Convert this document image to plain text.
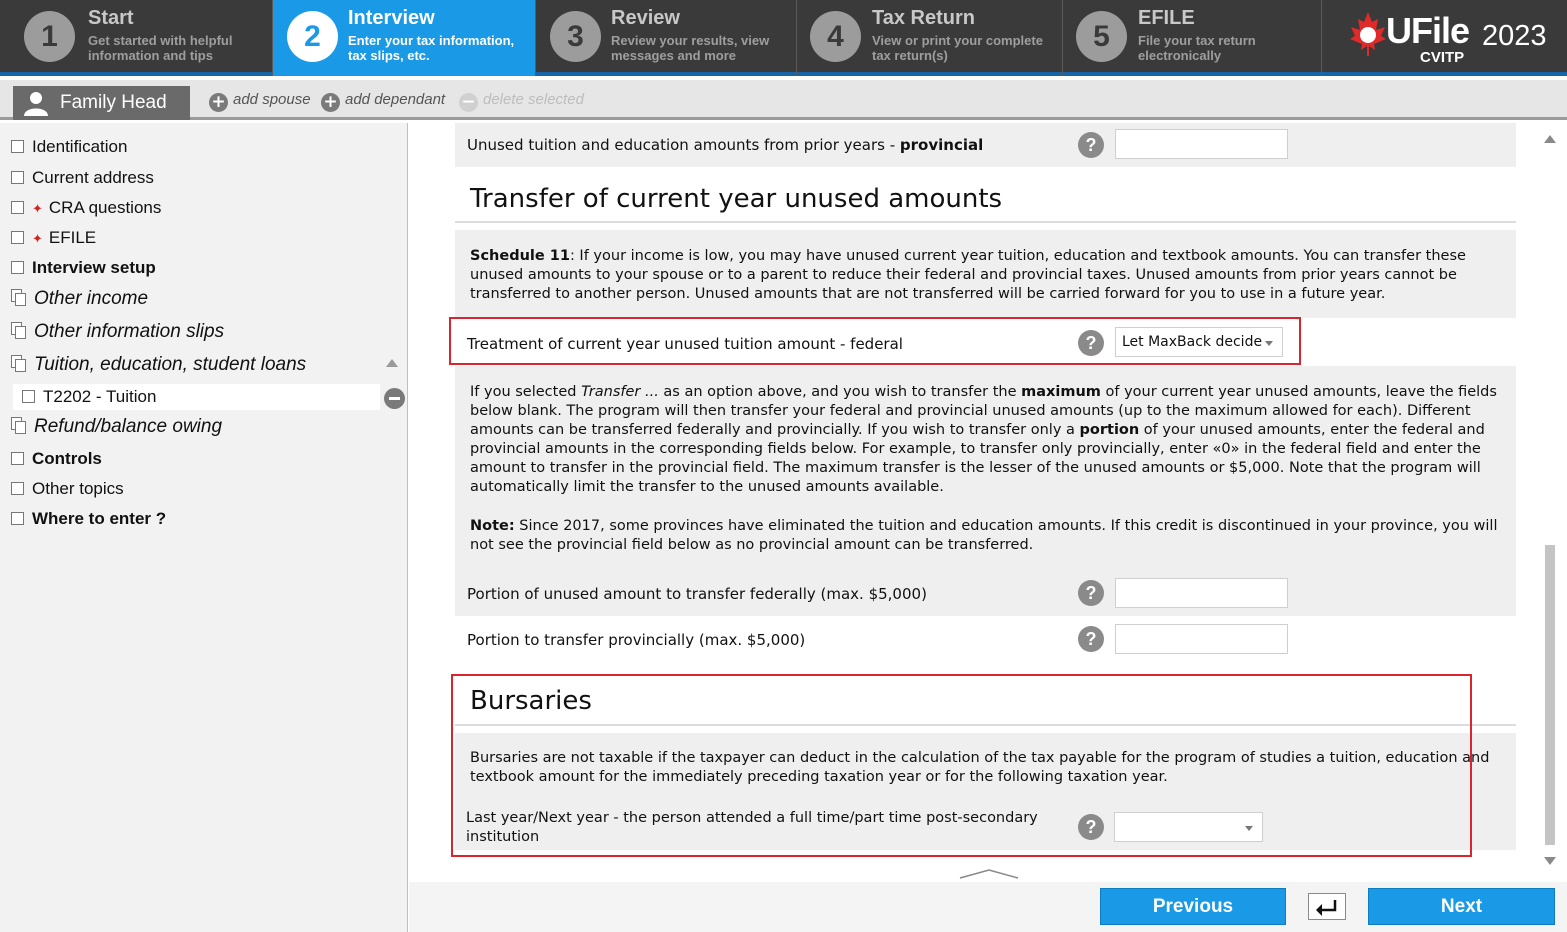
1
Start
Get started with helpful
information and tips
2
Interview
Enter your tax information,
tax slips, etc.
3
Review
Review your results, view
messages and more
4
Tax Return
View or print your complete
tax return(s)
5
EFILE
File your tax return
electronically
UFile 2023
CVITP
Family Head	+ add spouse + add dependant − delete selected
Identification
Current address
✦ CRA questions
✦ EFILE
Interview setup
Other income
Other information slips
Tuition, education, student loans
T2202 - Tuition
Refund/balance owing
Controls
Other topics
Where to enter ?
Unused tuition and education amounts from prior years - provincial	?
Transfer of current year unused amounts
Schedule 11: If your income is low, you may have unused current year tuition, education and textbook amounts. You can transfer these
unused amounts to your spouse or to a parent to reduce their federal and provincial taxes. Unused amounts from prior years cannot be
transferred to another person. Unused amounts that are not transferred will be carried forward for you to use in a future year.
Treatment of current year unused tuition amount - federal	?	Let MaxBack decide
If you selected Transfer ... as an option above, and you wish to transfer the maximum of your current year unused amounts, leave the fields
below blank. The program will then transfer your federal and provincial unused amounts (up to the maximum allowed for each). Different
amounts can be transferred federally and provincially. If you wish to transfer only a portion of your unused amounts, enter the federal and
provincial amounts in the corresponding fields below. For example, to transfer only provincially, enter «0» in the federal field and enter the
amount to transfer in the provincial field. The maximum transfer is the lesser of the unused amounts or $5,000. Note that the program will
automatically limit the transfer to the unused amounts available.
Note: Since 2017, some provinces have eliminated the tuition and education amounts. If this credit is discontinued in your province, you will
not see the provincial field below as no provincial amount can be transferred.
Portion of unused amount to transfer federally (max. $5,000)	?
Portion to transfer provincially (max. $5,000)	?
Bursaries
Bursaries are not taxable if the taxpayer can deduct in the calculation of the tax payable for the program of studies a tuition, education and
textbook amount for the immediately preceding taxation year or for the following taxation year.
Last year/Next year - the person attended a full time/part time post-secondary
institution	?
Previous	Next
